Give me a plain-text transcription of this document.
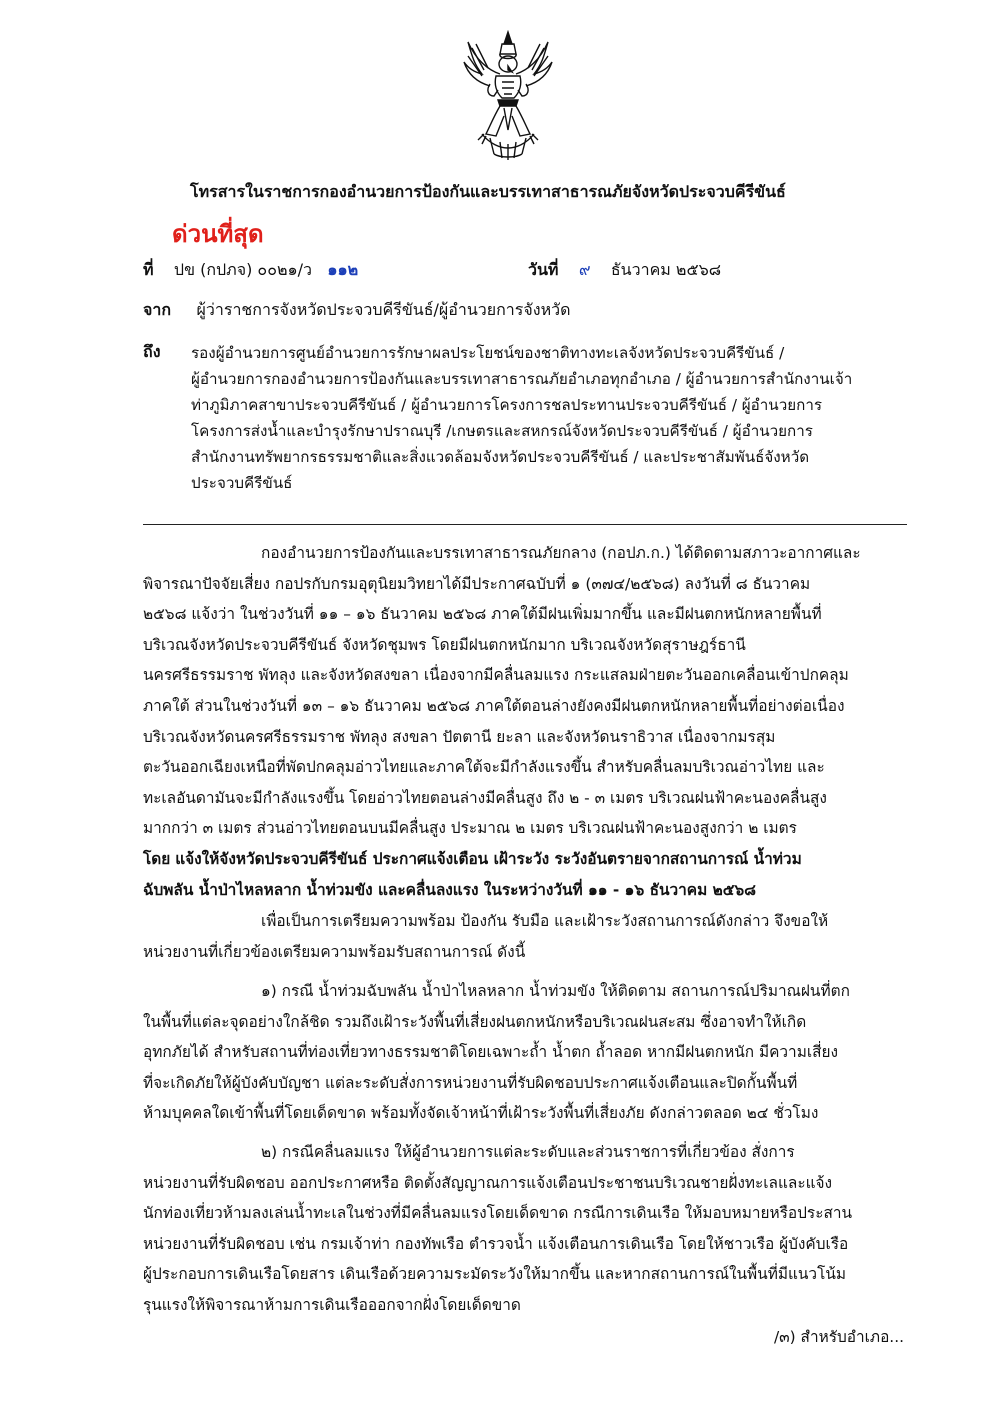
โทรสารในราชการกองอำนวยการป้องกันและบรรเทาสาธารณภัยจังหวัดประจวบคีรีขันธ์
ด่วนที่สุด
ที่ ปข (กปภจ) ๐๐๒๑/ว ๑๑๒	วันที่ ๙ ธันวาคม ๒๕๖๘
จาก ผู้ว่าราชการจังหวัดประจวบคีรีขันธ์/ผู้อำนวยการจังหวัด
ถึง รองผู้อำนวยการศูนย์อำนวยการรักษาผลประโยชน์ของชาติทางทะเลจังหวัดประจวบคีรีขันธ์ /
ผู้อำนวยการกองอำนวยการป้องกันและบรรเทาสาธารณภัยอำเภอทุกอำเภอ / ผู้อำนวยการสำนักงานเจ้า
ท่าภูมิภาคสาขาประจวบคีรีขันธ์ / ผู้อำนวยการโครงการชลประทานประจวบคีรีขันธ์ / ผู้อำนวยการ
โครงการส่งน้ำและบำรุงรักษาปราณบุรี /เกษตรและสหกรณ์จังหวัดประจวบคีรีขันธ์ / ผู้อำนวยการ
สำนักงานทรัพยากรธรรมชาติและสิ่งแวดล้อมจังหวัดประจวบคีรีขันธ์ / และประชาสัมพันธ์จังหวัด
ประจวบคีรีขันธ์
กองอำนวยการป้องกันและบรรเทาสาธารณภัยกลาง (กอปภ.ก.) ได้ติดตามสภาวะอากาศและ
พิจารณาปัจจัยเสี่ยง กอปรกับกรมอุตุนิยมวิทยาได้มีประกาศฉบับที่ ๑ (๓๗๔/๒๕๖๘) ลงวันที่ ๘ ธันวาคม
๒๕๖๘ แจ้งว่า ในช่วงวันที่ ๑๑ – ๑๖ ธันวาคม ๒๕๖๘ ภาคใต้มีฝนเพิ่มมากขึ้น และมีฝนตกหนักหลายพื้นที่
บริเวณจังหวัดประจวบคีรีขันธ์ จังหวัดชุมพร โดยมีฝนตกหนักมาก บริเวณจังหวัดสุราษฎร์ธานี
นครศรีธรรมราช พัทลุง และจังหวัดสงขลา เนื่องจากมีคลื่นลมแรง กระแสลมฝ่ายตะวันออกเคลื่อนเข้าปกคลุม
ภาคใต้ ส่วนในช่วงวันที่ ๑๓ – ๑๖ ธันวาคม ๒๕๖๘ ภาคใต้ตอนล่างยังคงมีฝนตกหนักหลายพื้นที่อย่างต่อเนื่อง
บริเวณจังหวัดนครศรีธรรมราช พัทลุง สงขลา ปัตตานี ยะลา และจังหวัดนราธิวาส เนื่องจากมรสุม
ตะวันออกเฉียงเหนือที่พัดปกคลุมอ่าวไทยและภาคใต้จะมีกำลังแรงขึ้น สำหรับคลื่นลมบริเวณอ่าวไทย และ
ทะเลอันดามันจะมีกำลังแรงขึ้น โดยอ่าวไทยตอนล่างมีคลื่นสูง ถึง ๒ - ๓ เมตร บริเวณฝนฟ้าคะนองคลื่นสูง
มากกว่า ๓ เมตร ส่วนอ่าวไทยตอนบนมีคลื่นสูง ประมาณ ๒ เมตร บริเวณฝนฟ้าคะนองสูงกว่า ๒ เมตร
โดย แจ้งให้จังหวัดประจวบคีรีขันธ์ ประกาศแจ้งเตือน เฝ้าระวัง ระวังอันตรายจากสถานการณ์ น้ำท่วม
ฉับพลัน น้ำป่าไหลหลาก น้ำท่วมขัง และคลื่นลงแรง ในระหว่างวันที่ ๑๑ - ๑๖ ธันวาคม ๒๕๖๘
เพื่อเป็นการเตรียมความพร้อม ป้องกัน รับมือ และเฝ้าระวังสถานการณ์ดังกล่าว จึงขอให้
หน่วยงานที่เกี่ยวข้องเตรียมความพร้อมรับสถานการณ์ ดังนี้
๑) กรณี น้ำท่วมฉับพลัน น้ำป่าไหลหลาก น้ำท่วมขัง ให้ติดตาม สถานการณ์ปริมาณฝนที่ตก
ในพื้นที่แต่ละจุดอย่างใกล้ชิด รวมถึงเฝ้าระวังพื้นที่เสี่ยงฝนตกหนักหรือบริเวณฝนสะสม ซึ่งอาจทำให้เกิด
อุทกภัยได้ สำหรับสถานที่ท่องเที่ยวทางธรรมชาติโดยเฉพาะถ้ำ น้ำตก ถ้ำลอด หากมีฝนตกหนัก มีความเสี่ยง
ที่จะเกิดภัยให้ผู้บังคับบัญชา แต่ละระดับสั่งการหน่วยงานที่รับผิดชอบประกาศแจ้งเตือนและปิดกั้นพื้นที่
ห้ามบุคคลใดเข้าพื้นที่โดยเด็ดขาด พร้อมทั้งจัดเจ้าหน้าที่เฝ้าระวังพื้นที่เสี่ยงภัย ดังกล่าวตลอด ๒๔ ชั่วโมง
๒) กรณีคลื่นลมแรง ให้ผู้อำนวยการแต่ละระดับและส่วนราชการที่เกี่ยวข้อง สั่งการ
หน่วยงานที่รับผิดชอบ ออกประกาศหรือ ติดตั้งสัญญาณการแจ้งเตือนประชาชนบริเวณชายฝั่งทะเลและแจ้ง
นักท่องเที่ยวห้ามลงเล่นน้ำทะเลในช่วงที่มีคลื่นลมแรงโดยเด็ดขาด กรณีการเดินเรือ ให้มอบหมายหรือประสาน
หน่วยงานที่รับผิดชอบ เช่น กรมเจ้าท่า กองทัพเรือ ตำรวจน้ำ แจ้งเตือนการเดินเรือ โดยให้ชาวเรือ ผู้บังคับเรือ
ผู้ประกอบการเดินเรือโดยสาร เดินเรือด้วยความระมัดระวังให้มากขึ้น และหากสถานการณ์ในพื้นที่มีแนวโน้ม
รุนแรงให้พิจารณาห้ามการเดินเรือออกจากฝั่งโดยเด็ดขาด
/๓) สำหรับอำเภอ...
